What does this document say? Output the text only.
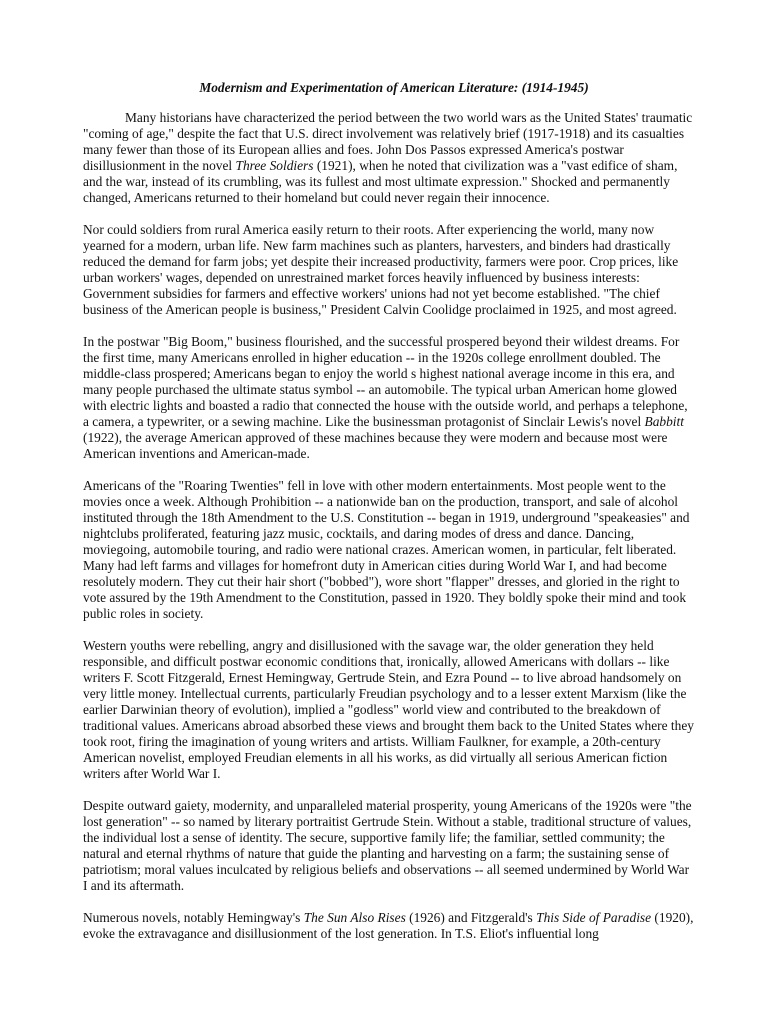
Modernism and Experimentation of American Literature: (1914-1945)

Many historians have characterized the period between the two world wars as the United States' traumatic "coming of age," despite the fact that U.S. direct involvement was relatively brief (1917-1918) and its casualties many fewer than those of its European allies and foes. John Dos Passos expressed America's postwar disillusionment in the novel Three Soldiers (1921), when he noted that civilization was a "vast edifice of sham, and the war, instead of its crumbling, was its fullest and most ultimate expression." Shocked and permanently changed, Americans returned to their homeland but could never regain their innocence.

Nor could soldiers from rural America easily return to their roots. After experiencing the world, many now yearned for a modern, urban life. New farm machines such as planters, harvesters, and binders had drastically reduced the demand for farm jobs; yet despite their increased productivity, farmers were poor. Crop prices, like urban workers' wages, depended on unrestrained market forces heavily influenced by business interests: Government subsidies for farmers and effective workers' unions had not yet become established. "The chief business of the American people is business," President Calvin Coolidge proclaimed in 1925, and most agreed.

In the postwar "Big Boom," business flourished, and the successful prospered beyond their wildest dreams. For the first time, many Americans enrolled in higher education -- in the 1920s college enrollment doubled. The middle-class prospered; Americans began to enjoy the world s highest national average income in this era, and many people purchased the ultimate status symbol -- an automobile. The typical urban American home glowed with electric lights and boasted a radio that connected the house with the outside world, and perhaps a telephone, a camera, a typewriter, or a sewing machine. Like the businessman protagonist of Sinclair Lewis's novel Babbitt (1922), the average American approved of these machines because they were modern and because most were American inventions and American-made.

Americans of the "Roaring Twenties" fell in love with other modern entertainments. Most people went to the movies once a week. Although Prohibition -- a nationwide ban on the production, transport, and sale of alcohol instituted through the 18th Amendment to the U.S. Constitution -- began in 1919, underground "speakeasies" and nightclubs proliferated, featuring jazz music, cocktails, and daring modes of dress and dance. Dancing, moviegoing, automobile touring, and radio were national crazes. American women, in particular, felt liberated. Many had left farms and villages for homefront duty in American cities during World War I, and had become resolutely modern. They cut their hair short ("bobbed"), wore short "flapper" dresses, and gloried in the right to vote assured by the 19th Amendment to the Constitution, passed in 1920. They boldly spoke their mind and took public roles in society.

Western youths were rebelling, angry and disillusioned with the savage war, the older generation they held responsible, and difficult postwar economic conditions that, ironically, allowed Americans with dollars -- like writers F. Scott Fitzgerald, Ernest Hemingway, Gertrude Stein, and Ezra Pound -- to live abroad handsomely on very little money. Intellectual currents, particularly Freudian psychology and to a lesser extent Marxism (like the earlier Darwinian theory of evolution), implied a "godless" world view and contributed to the breakdown of traditional values. Americans abroad absorbed these views and brought them back to the United States where they took root, firing the imagination of young writers and artists. William Faulkner, for example, a 20th-century American novelist, employed Freudian elements in all his works, as did virtually all serious American fiction writers after World War I.

Despite outward gaiety, modernity, and unparalleled material prosperity, young Americans of the 1920s were "the lost generation" -- so named by literary portraitist Gertrude Stein. Without a stable, traditional structure of values, the individual lost a sense of identity. The secure, supportive family life; the familiar, settled community; the natural and eternal rhythms of nature that guide the planting and harvesting on a farm; the sustaining sense of patriotism; moral values inculcated by religious beliefs and observations -- all seemed undermined by World War I and its aftermath.

Numerous novels, notably Hemingway's The Sun Also Rises (1926) and Fitzgerald's This Side of Paradise (1920), evoke the extravagance and disillusionment of the lost generation. In T.S. Eliot's influential long
